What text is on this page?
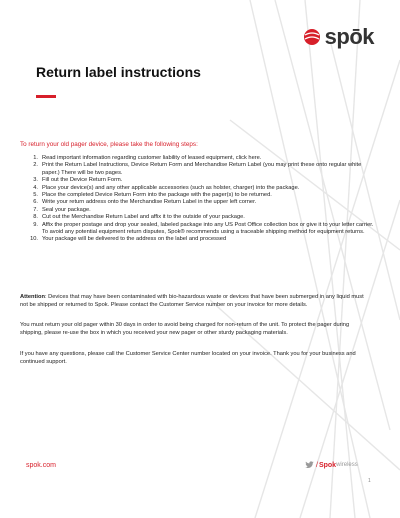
spōk
Return label instructions

To return your old pager device, please take the following steps:

1. Read important information regarding customer liability of leased equipment, click here.
2. Print the Return Label Instructions, Device Return Form and Merchandise Return Label (you may print these onto regular white paper.) There will be two pages.
3. Fill out the Device Return Form.
4. Place your device(s) and any other applicable accessories (such as holster, charger) into the package.
5. Place the completed Device Return Form into the package with the pager(s) to be returned.
6. Write your return address onto the Merchandise Return Label in the upper left corner.
7. Seal your package.
8. Cut out the Merchandise Return Label and affix it to the outside of your package.
9. Affix the proper postage and drop your sealed, labeled package into any US Post Office collection box or give it to your letter carrier. To avoid any potential equipment return disputes, Spok® recommends using a traceable shipping method for equipment returns.
10. Your package will be delivered to the address on the label and processed

Attention: Devices that may have been contaminated with bio-hazardous waste or devices that have been submerged in any liquid must not be shipped or returned to Spok. Please contact the Customer Service number on your invoice for more details.

You must return your old pager within 30 days in order to avoid being charged for non-return of the unit. To protect the pager during shipping, please re-use the box in which you received your new pager or other sturdy packaging materials.

If you have any questions, please call the Customer Service Center number located on your invoice. Thank you for your business and continued support.

spok.com	/ Spok wireless
1
